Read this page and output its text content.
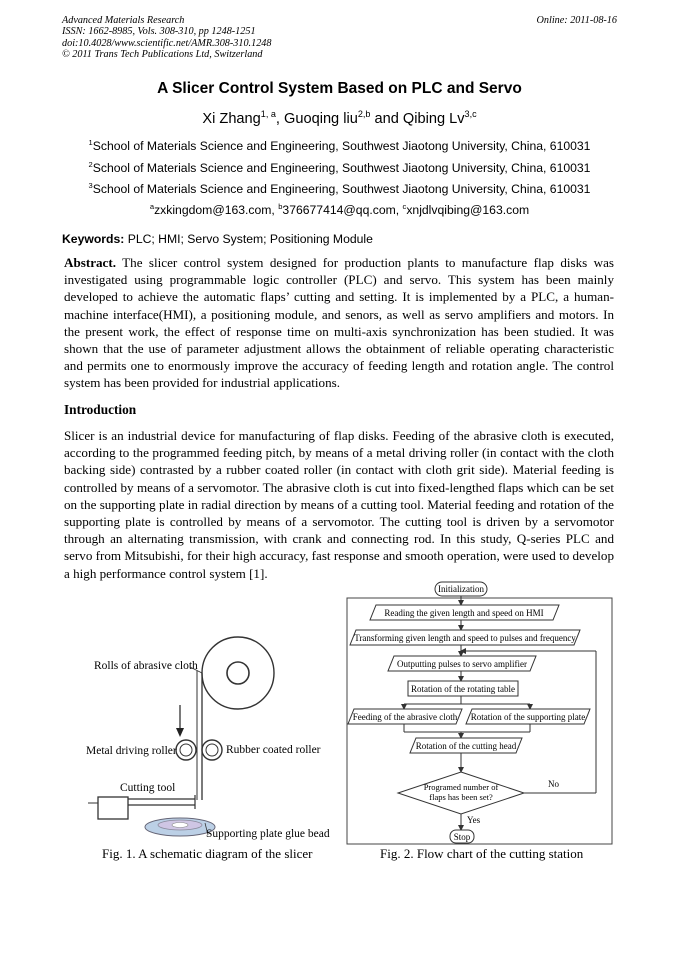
Advanced Materials Research
ISSN: 1662-8985, Vols. 308-310, pp 1248-1251
doi:10.4028/www.scientific.net/AMR.308-310.1248
© 2011 Trans Tech Publications Ltd, Switzerland
Online: 2011-08-16
A Slicer Control System Based on PLC and Servo
Xi Zhang$^{1, a}$, Guoqing liu$^{2,b}$ and Qibing Lv$^{3,c}$
$^1$School of Materials Science and Engineering, Southwest Jiaotong University, China, 610031
$^2$School of Materials Science and Engineering, Southwest Jiaotong University, China, 610031
$^3$School of Materials Science and Engineering, Southwest Jiaotong University, China, 610031
$^a$zxkingdom@163.com, $^b$376677414@qq.com, $^c$xnjdlvqibing@163.com
Keywords: PLC; HMI; Servo System; Positioning Module
Abstract. The slicer control system designed for production plants to manufacture flap disks was investigated using programmable logic controller (PLC) and servo. This system has been mainly developed to achieve the automatic flaps’ cutting and setting. It is implemented by a PLC, a human-machine interface(HMI), a positioning module, and senors, as well as servo amplifiers and motors. In the present work, the effect of response time on multi-axis synchronization has been studied. It was shown that the use of parameter adjustment allows the obtainment of reliable operating characteristic and permits one to enormously improve the accuracy of feeding length and rotation angle. The control system has been provided for industrial applications.
Introduction
Slicer is an industrial device for manufacturing of flap disks. Feeding of the abrasive cloth is executed, according to the programmed feeding pitch, by means of a metal driving roller (in contact with the cloth backing side) contrasted by a rubber coated roller (in contact with cloth grit side). Material feeding is controlled by means of a servomotor. The abrasive cloth is cut into fixed-lengthed flaps which can be set on the supporting plate in radial direction by means of a cutting tool. Material feeding and rotation of the supporting plate is controlled by means of a servomotor. The cutting tool is driven by a servomotor through an alternating transmission, with crank and connecting rod. In this study, Q-series PLC and servo from Mitsubishi, for their high accuracy, fast response and smooth operation, were used to develop a high performance control system [1].
Rolls of abrasive cloth
Metal driving roller	Rubber coated roller
Cutting tool
Supporting plate glue bead
Fig. 1. A schematic diagram of the slicer
Initialization
Reading the given length and speed on HMI
Transforming given length and speed to pulses and frequency
Outputting pulses to servo amplifier
Rotation of the rotating table
Feeding of the abrasive cloth Rotation of the supporting plate
Rotation of the cutting head
Programed number of
flaps has been set?
No
Yes
Stop
Fig. 2. Flow chart of the cutting station
